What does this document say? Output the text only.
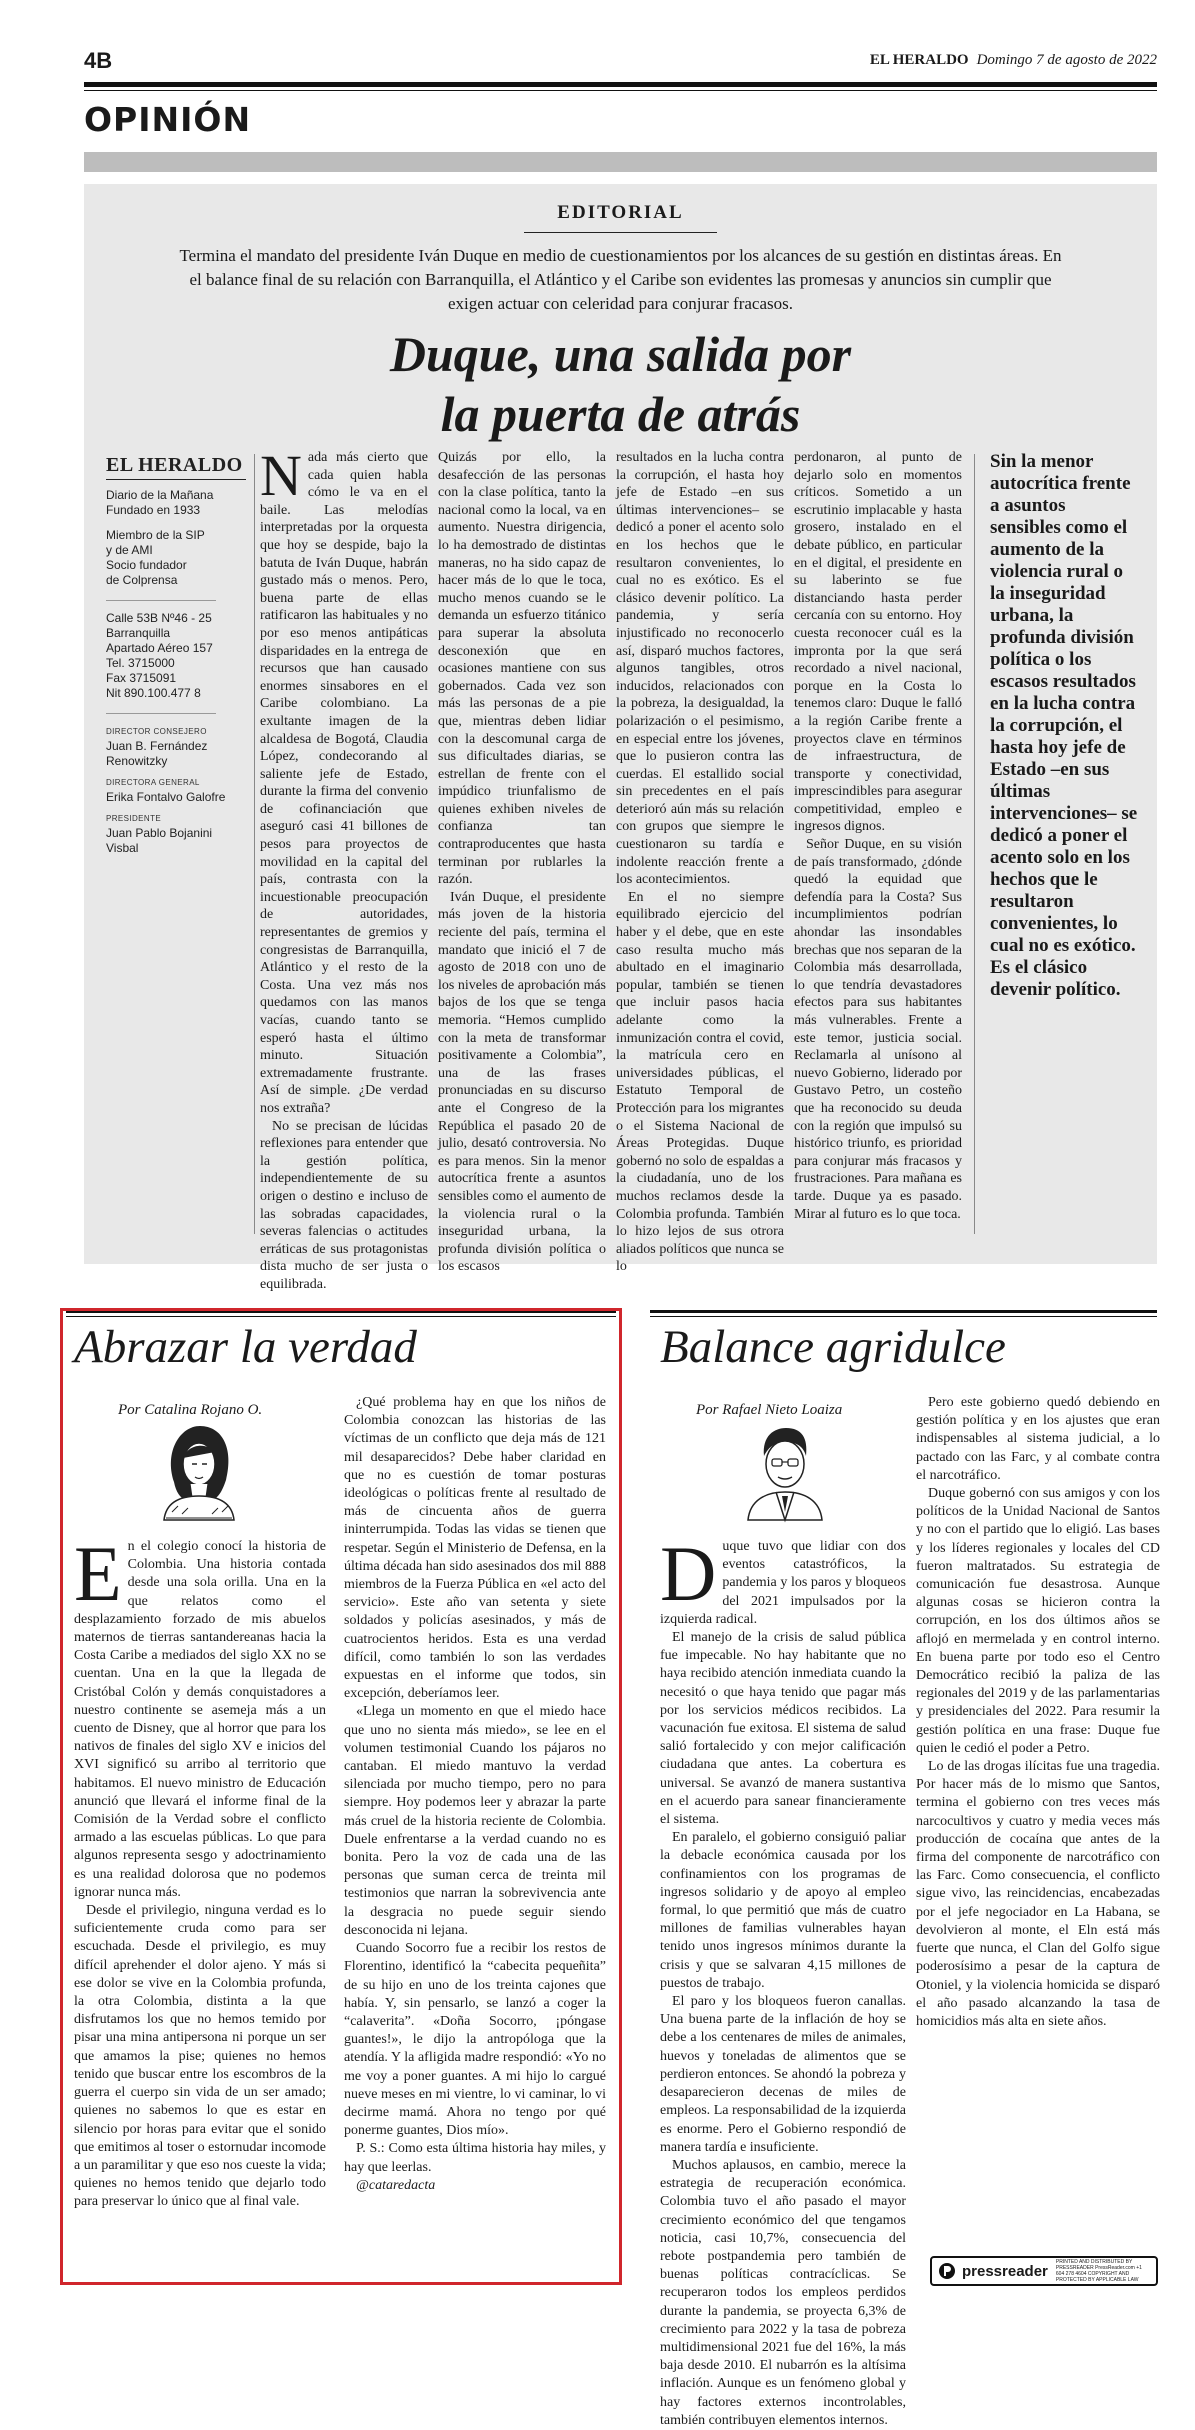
4B	EL HERALDO Domingo 7 de agosto de 2022
OPINIÓN
EDITORIAL
Termina el mandato del presidente Iván Duque en medio de cuestionamientos por los alcances de su gestión en distintas áreas. En el balance final de su relación con Barranquilla, el Atlántico y el Caribe son evidentes las promesas y anuncios sin cumplir que exigen actuar con celeridad para conjurar fracasos.
Duque, una salida por
la puerta de atrás
EL HERALDO

Diario de la Mañana
Fundado en 1933

Miembro de la SIP
y de AMI
Socio fundador
de Colprensa

Calle 53B Nº46 - 25
Barranquilla
Apartado Aéreo 157
Tel. 3715000
Fax 3715091
Nit 890.100.477 8

DIRECTOR CONSEJERO
Juan B. Fernández Renowitzky
DIRECTORA GENERAL
Erika Fontalvo Galofre
PRESIDENTE
Juan Pablo Bojanini Visbal
N ada más cierto que cada quien habla cómo le va en el baile. Las melodías interpretadas por la orquesta que hoy se despide, bajo la batuta de Iván Duque, habrán gustado más o menos. Pero, buena parte de ellas ratificaron las habituales y no por eso menos antipáticas disparidades en la entrega de recursos que han causado enormes sinsabores en el Caribe colombiano. La exultante imagen de la alcaldesa de Bogotá, Claudia López, condecorando al saliente jefe de Estado, durante la firma del convenio de cofinanciación que aseguró casi 41 billones de pesos para proyectos de movilidad en la capital del país, contrasta con la incuestionable preocupación de autoridades, representantes de gremios y congresistas de Barranquilla, Atlántico y el resto de la Costa. Una vez más nos quedamos con las manos vacías, cuando tanto se esperó hasta el último minuto. Situación extremadamente frustrante. Así de simple. ¿De verdad nos extraña?

No se precisan de lúcidas reflexiones para entender que la gestión política, independientemente de su origen o destino e incluso de las sobradas capacidades, severas falencias o actitudes erráticas de sus protagonistas dista mucho de ser justa o equilibrada.

Quizás por ello, la desafección de las personas con la clase política, tanto la nacional como la local, va en aumento. Nuestra dirigencia, lo ha demostrado de distintas maneras, no ha sido capaz de hacer más de lo que le toca, mucho menos cuando se le demanda un esfuerzo titánico para superar la absoluta desconexión que en ocasiones mantiene con sus gobernados. Cada vez son más las personas de a pie que, mientras deben lidiar con la descomunal carga de sus dificultades diarias, se estrellan de frente con el impúdico triunfalismo de quienes exhiben niveles de confianza tan contraproducentes que hasta terminan por rublarles la razón.

Iván Duque, el presidente más joven de la historia reciente del país, termina el mandato que inició el 7 de agosto de 2018 con uno de los niveles de aprobación más bajos de los que se tenga memoria. “Hemos cumplido con la meta de transformar positivamente a Colombia”, una de las frases pronunciadas en su discurso ante el Congreso de la República el pasado 20 de julio, desató controversia. No es para menos. Sin la menor autocrítica frente a asuntos sensibles como el aumento de la violencia rural o la inseguridad urbana, la profunda división política o los escasos

resultados en la lucha contra la corrupción, el hasta hoy jefe de Estado –en sus últimas intervenciones– se dedicó a poner el acento solo en los hechos que le resultaron convenientes, lo cual no es exótico. Es el clásico devenir político. La pandemia, y sería injustificado no reconocerlo así, disparó muchos factores, algunos tangibles, otros inducidos, relacionados con la pobreza, la desigualdad, la polarización o el pesimismo, en especial entre los jóvenes, que lo pusieron contra las cuerdas. El estallido social sin precedentes en el país deterioró aún más su relación con grupos que siempre le cuestionaron su tardía e indolente reacción frente a los acontecimientos.

En el no siempre equilibrado ejercicio del haber y el debe, que en este caso resulta mucho más abultado en el imaginario popular, también se tienen que incluir pasos hacia adelante como la inmunización contra el covid, la matrícula cero en universidades públicas, el Estatuto Temporal de Protección para los migrantes o el Sistema Nacional de Áreas Protegidas. Duque gobernó no solo de espaldas a la ciudadanía, uno de los muchos reclamos desde la Colombia profunda. También lo hizo lejos de sus otrora aliados políticos que nunca se lo

perdonaron, al punto de dejarlo solo en momentos críticos. Sometido a un escrutinio implacable y hasta grosero, instalado en el debate público, en particular en el digital, el presidente en su laberinto se fue distanciando hasta perder cercanía con su entorno. Hoy cuesta reconocer cuál es la impronta por la que será recordado a nivel nacional, porque en la Costa lo tenemos claro: Duque le falló a la región Caribe frente a proyectos clave en términos de infraestructura, de transporte y conectividad, imprescindibles para asegurar competitividad, empleo e ingresos dignos.

Señor Duque, en su visión de país transformado, ¿dónde quedó la equidad que defendía para la Costa? Sus incumplimientos podrían ahondar las insondables brechas que nos separan de la Colombia más desarrollada, lo que tendría devastadores efectos para sus habitantes más vulnerables. Frente a este temor, justicia social. Reclamarla al unísono al nuevo Gobierno, liderado por Gustavo Petro, un costeño que ha reconocido su deuda con la región que impulsó su histórico triunfo, es prioridad para conjurar más fracasos y frustraciones. Para mañana es tarde. Duque ya es pasado. Mirar al futuro es lo que toca.

Sin la menor autocrítica frente a asuntos sensibles como el aumento de la violencia rural o la inseguridad urbana, la profunda división política o los escasos resultados en la lucha contra la corrupción, el hasta hoy jefe de Estado –en sus últimas intervenciones– se dedicó a poner el acento solo en los hechos que le resultaron convenientes, lo cual no es exótico. Es el clásico devenir político.
Abrazar la verdad
Por Catalina Rojano O.
E n el colegio conocí la historia de Colombia. Una historia contada desde una sola orilla. Una en la que relatos como el desplazamiento forzado de mis abuelos maternos de tierras santandereanas hacia la Costa Caribe a mediados del siglo XX no se cuentan. Una en la que la llegada de Cristóbal Colón y demás conquistadores a nuestro continente se asemeja más a un cuento de Disney, que al horror que para los nativos de finales del siglo XV e inicios del XVI significó su arribo al territorio que habitamos. El nuevo ministro de Educación anunció que llevará el informe final de la Comisión de la Verdad sobre el conflicto armado a las escuelas públicas. Lo que para algunos representa sesgo y adoctrinamiento es una realidad dolorosa que no podemos ignorar nunca más.

Desde el privilegio, ninguna verdad es lo suficientemente cruda como para ser escuchada. Desde el privilegio, es muy difícil aprehender el dolor ajeno. Y más si ese dolor se vive en la Colombia profunda, la otra Colombia, distinta a la que disfrutamos los que no hemos temido por pisar una mina antipersona ni porque un ser que amamos la pise; quienes no hemos tenido que buscar entre los escombros de la guerra el cuerpo sin vida de un ser amado; quienes no sabemos lo que es estar en silencio por horas para evitar que el sonido que emitimos al toser o estornudar incomode a un paramilitar y que eso nos cueste la vida; quienes no hemos tenido que dejarlo todo para preservar lo único que al final vale.

¿Qué problema hay en que los niños de Colombia conozcan las historias de las víctimas de un conflicto que deja más de 121 mil desaparecidos? Debe haber claridad en que no es cuestión de tomar posturas ideológicas o políticas frente al resultado de más de cincuenta años de guerra ininterrumpida. Todas las vidas se tienen que respetar. Según el Ministerio de Defensa, en la última década han sido asesinados dos mil 888 miembros de la Fuerza Pública en «el acto del servicio». Este año van setenta y siete soldados y policías asesinados, y más de cuatrocientos heridos. Esta es una verdad difícil, como también lo son las verdades expuestas en el informe que todos, sin excepción, deberíamos leer.

«Llega un momento en que el miedo hace que uno no sienta más miedo», se lee en el volumen testimonial Cuando los pájaros no cantaban. El miedo mantuvo la verdad silenciada por mucho tiempo, pero no para siempre. Hoy podemos leer y abrazar la parte más cruel de la historia reciente de Colombia. Duele enfrentarse a la verdad cuando no es bonita. Pero la voz de cada una de las personas que suman cerca de treinta mil testimonios que narran la sobrevivencia ante la desgracia no puede seguir siendo desconocida ni lejana.

Cuando Socorro fue a recibir los restos de Florentino, identificó la “cabecita pequeñita” de su hijo en uno de los treinta cajones que había. Y, sin pensarlo, se lanzó a coger la “calaverita”. «Doña Socorro, ¡póngase guantes!», le dijo la antropóloga que la atendía. Y la afligida madre respondió: «Yo no me voy a poner guantes. A mi hijo lo cargué nueve meses en mi vientre, lo vi caminar, lo vi decirme mamá. Ahora no tengo por qué ponerme guantes, Dios mío».

P. S.: Como esta última historia hay miles, y hay que leerlas.

@cataredacta

Balance agridulce
Por Rafael Nieto Loaiza
D uque tuvo que lidiar con dos eventos catastróficos, la pandemia y los paros y bloqueos del 2021 impulsados por la izquierda radical.

El manejo de la crisis de salud pública fue impecable. No hay habitante que no haya recibido atención inmediata cuando la necesitó o que haya tenido que pagar más por los servicios médicos recibidos. La vacunación fue exitosa. El sistema de salud salió fortalecido y con mejor calificación ciudadana que antes. La cobertura es universal. Se avanzó de manera sustantiva en el acuerdo para sanear financieramente el sistema.

En paralelo, el gobierno consiguió paliar la debacle económica causada por los confinamientos con los programas de ingresos solidario y de apoyo al empleo formal, lo que permitió que más de cuatro millones de familias vulnerables hayan tenido unos ingresos mínimos durante la crisis y que se salvaran 4,15 millones de puestos de trabajo.

El paro y los bloqueos fueron canallas. Una buena parte de la inflación de hoy se debe a los centenares de miles de animales, huevos y toneladas de alimentos que se perdieron entonces. Se ahondó la pobreza y desaparecieron decenas de miles de empleos. La responsabilidad de la izquierda es enorme. Pero el Gobierno respondió de manera tardía e insuficiente.

Muchos aplausos, en cambio, merece la estrategia de recuperación económica. Colombia tuvo el año pasado el mayor crecimiento económico del que tengamos noticia, casi 10,7%, consecuencia del rebote postpandemia pero también de buenas políticas contracíclicas. Se recuperaron todos los empleos perdidos durante la pandemia, se proyecta 6,3% de crecimiento para 2022 y la tasa de pobreza multidimensional 2021 fue del 16%, la más baja desde 2010. El nubarrón es la altísima inflación. Aunque es un fenómeno global y hay factores externos incontrolables, también contribuyen elementos internos.

Pero este gobierno quedó debiendo en gestión política y en los ajustes que eran indispensables al sistema judicial, a lo pactado con las Farc, y al combate contra el narcotráfico.

Duque gobernó con sus amigos y con los políticos de la Unidad Nacional de Santos y no con el partido que lo eligió. Las bases y los líderes regionales y locales del CD fueron maltratados. Su estrategia de comunicación fue desastrosa. Aunque algunas cosas se hicieron contra la corrupción, en los dos últimos años se aflojó en mermelada y en control interno. En buena parte por todo eso el Centro Democrático recibió la paliza de las regionales del 2019 y de las parlamentarias y presidenciales del 2022. Para resumir la gestión política en una frase: Duque fue quien le cedió el poder a Petro.

Lo de las drogas ilícitas fue una tragedia. Por hacer más de lo mismo que Santos, termina el gobierno con tres veces más narcocultivos y cuatro y media veces más producción de cocaína que antes de la firma del componente de narcotráfico con las Farc. Como consecuencia, el conflicto sigue vivo, las reincidencias, encabezadas por el jefe negociador en La Habana, se devolvieron al monte, el Eln está más fuerte que nunca, el Clan del Golfo sigue poderosísimo a pesar de la captura de Otoniel, y la violencia homicida se disparó el año pasado alcanzando la tasa de homicidios más alta en siete años.

pressreader
PRINTED AND DISTRIBUTED BY PRESSREADER PressReader.com +1 604 278 4604 COPYRIGHT AND PROTECTED BY APPLICABLE LAW
